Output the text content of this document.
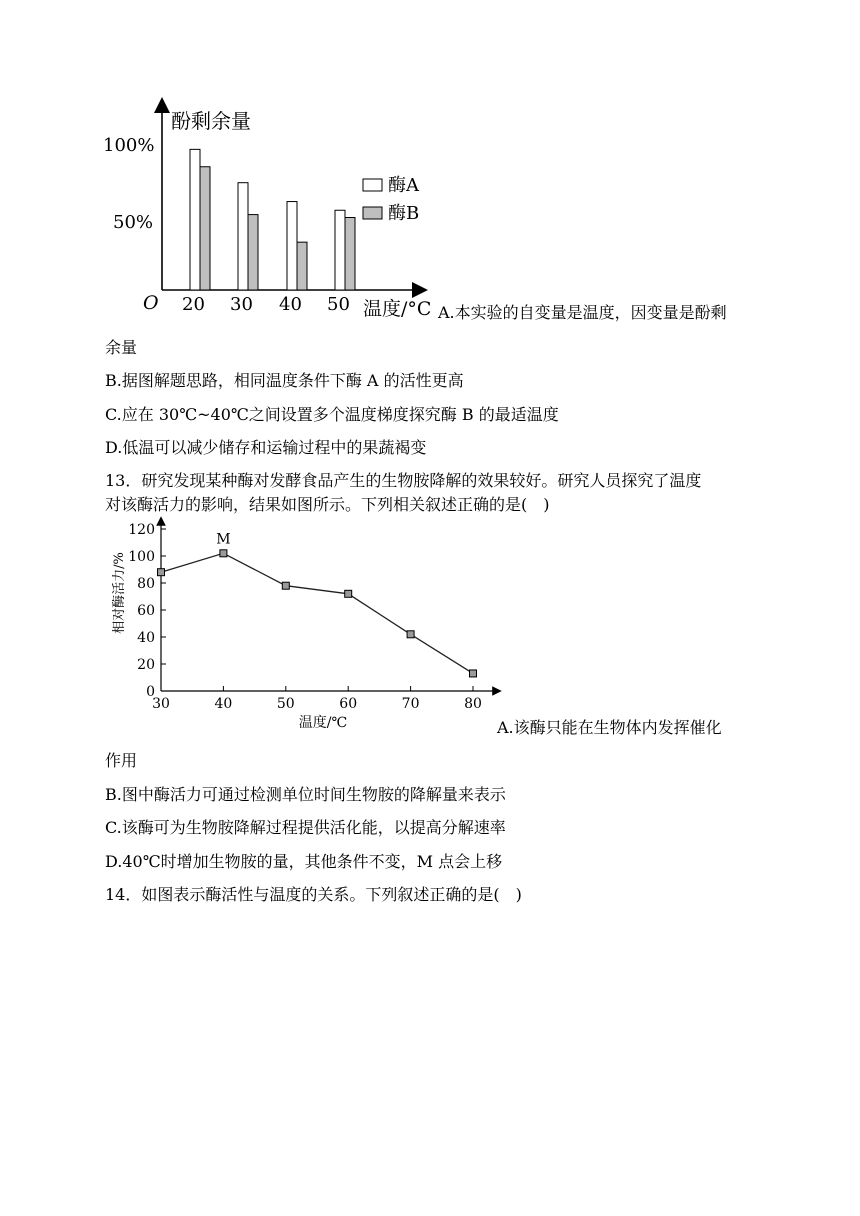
酚剩余量
O	温度/°C
100%
50%
20 30 40 50
酶A
酶B
A.本实验的自变量是温度，因变量是酚剩
余量
B.据图解题思路，相同温度条件下酶 A 的活性更高
C.应在 30℃~40℃之间设置多个温度梯度探究酶 B 的最适温度
D.低温可以减少储存和运输过程中的果蔬褐变
13．研究发现某种酶对发酵食品产生的生物胺降解的效果较好。研究人员探究了温度
对该酶活力的影响，结果如图所示。下列相关叙述正确的是(　)
0
20
40
60
80
100
120
30	40	50	60	70	80
相对酶活力/%
温度/℃
M
A.该酶只能在生物体内发挥催化
作用
B.图中酶活力可通过检测单位时间生物胺的降解量来表示
C.该酶可为生物胺降解过程提供活化能，以提高分解速率
D.40℃时增加生物胺的量，其他条件不变，M 点会上移
14．如图表示酶活性与温度的关系。下列叙述正确的是(　)
